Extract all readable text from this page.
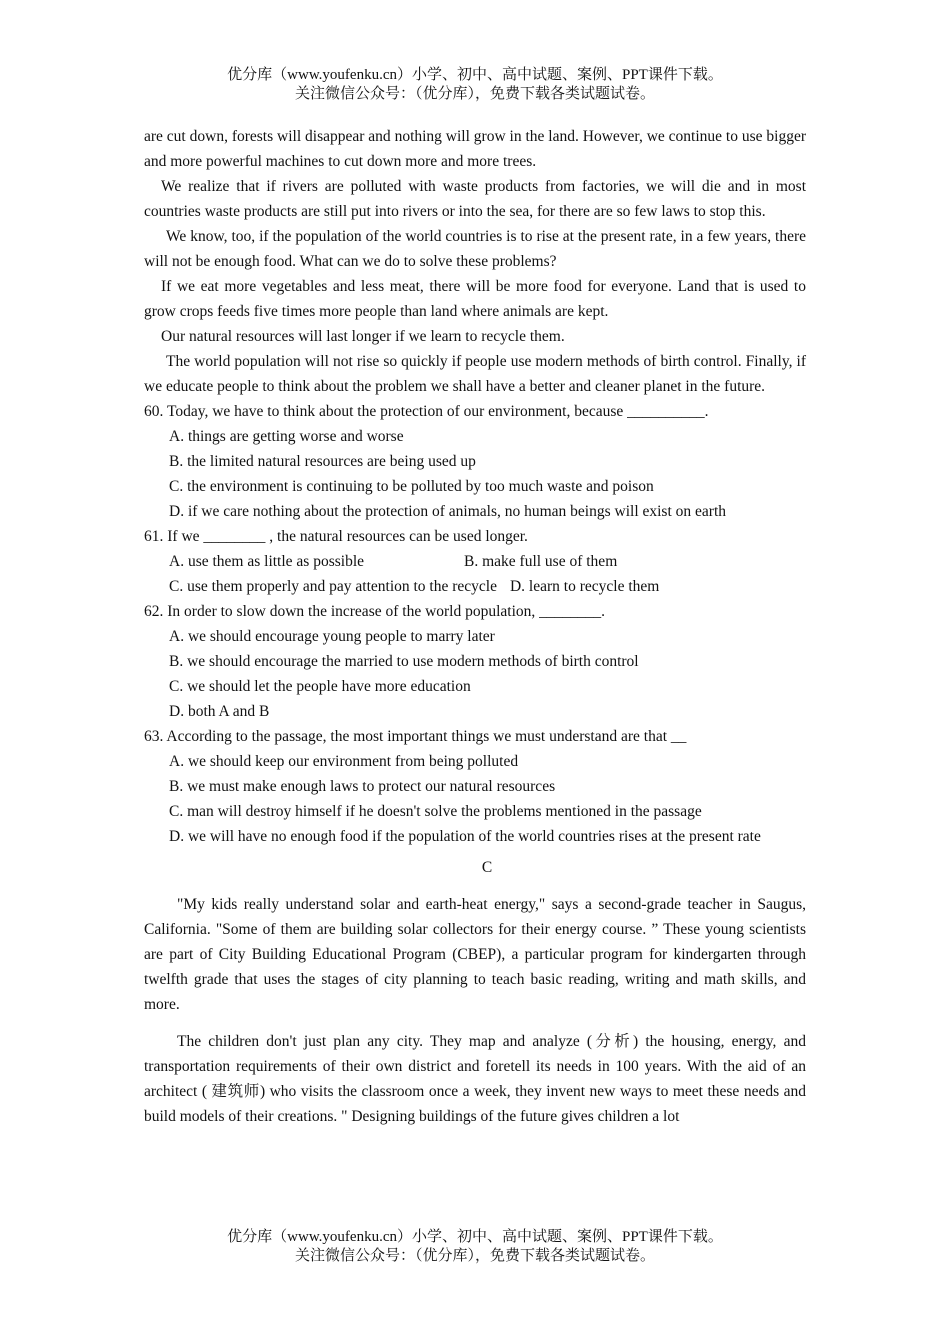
优分库（www.youfenku.cn）小学、初中、高中试题、案例、PPT课件下载。
关注微信公众号：（优分库），免费下载各类试题试卷。

are cut down, forests will disappear and nothing will grow in the land. However, we continue to use bigger and more powerful machines to cut down more and more trees.

We realize that if rivers are polluted with waste products from factories, we will die and in most countries waste products are still put into rivers or into the sea, for there are so few laws to stop this.

We know, too, if the population of the world countries is to rise at the present rate, in a few years, there will not be enough food. What can we do to solve these problems?

If we eat more vegetables and less meat, there will be more food for everyone. Land that is used to grow crops feeds five times more people than land where animals are kept.

Our natural resources will last longer if we learn to recycle them.

The world population will not rise so quickly if people use modern methods of birth control. Finally, if we educate people to think about the problem we shall have a better and cleaner planet in the future.

60. Today, we have to think about the protection of our environment, because __________.

A. things are getting worse and worse

B. the limited natural resources are being used up

C. the environment is continuing to be polluted by too much waste and poison

D. if we care nothing about the protection of animals, no human beings will exist on earth

61. If we ________ , the natural resources can be used longer.

A. use them as little as possible	B. make full use of them
C. use them properly and pay attention to the recycle D. learn to recycle them

62. In order to slow down the increase of the world population, ________.

A. we should encourage young people to marry later

B. we should encourage the married to use modern methods of birth control

C. we should let the people have more education

D. both A and B

63. According to the passage, the most important things we must understand are that __

A. we should keep our environment from being polluted

B. we must make enough laws to protect our natural resources

C. man will destroy himself if he doesn't solve the problems mentioned in the passage

D. we will have no enough food if the population of the world countries rises at the present rate

C

"My kids really understand solar and earth-heat energy," says a second-grade teacher in Saugus, California. "Some of them are building solar collectors for their energy course. ” These young scientists are part of City Building Educational Program (CBEP), a particular program for kindergarten through twelfth grade that uses the stages of city planning to teach basic reading, writing and math skills, and more.

The children don't just plan any city. They map and analyze (分析) the housing, energy, and transportation requirements of their own district and foretell its needs in 100 years. With the aid of an architect ( 建筑师) who visits the classroom once a week, they invent new ways to meet these needs and build models of their creations. " Designing buildings of the future gives children a lot

优分库（www.youfenku.cn）小学、初中、高中试题、案例、PPT课件下载。
关注微信公众号：（优分库），免费下载各类试题试卷。
